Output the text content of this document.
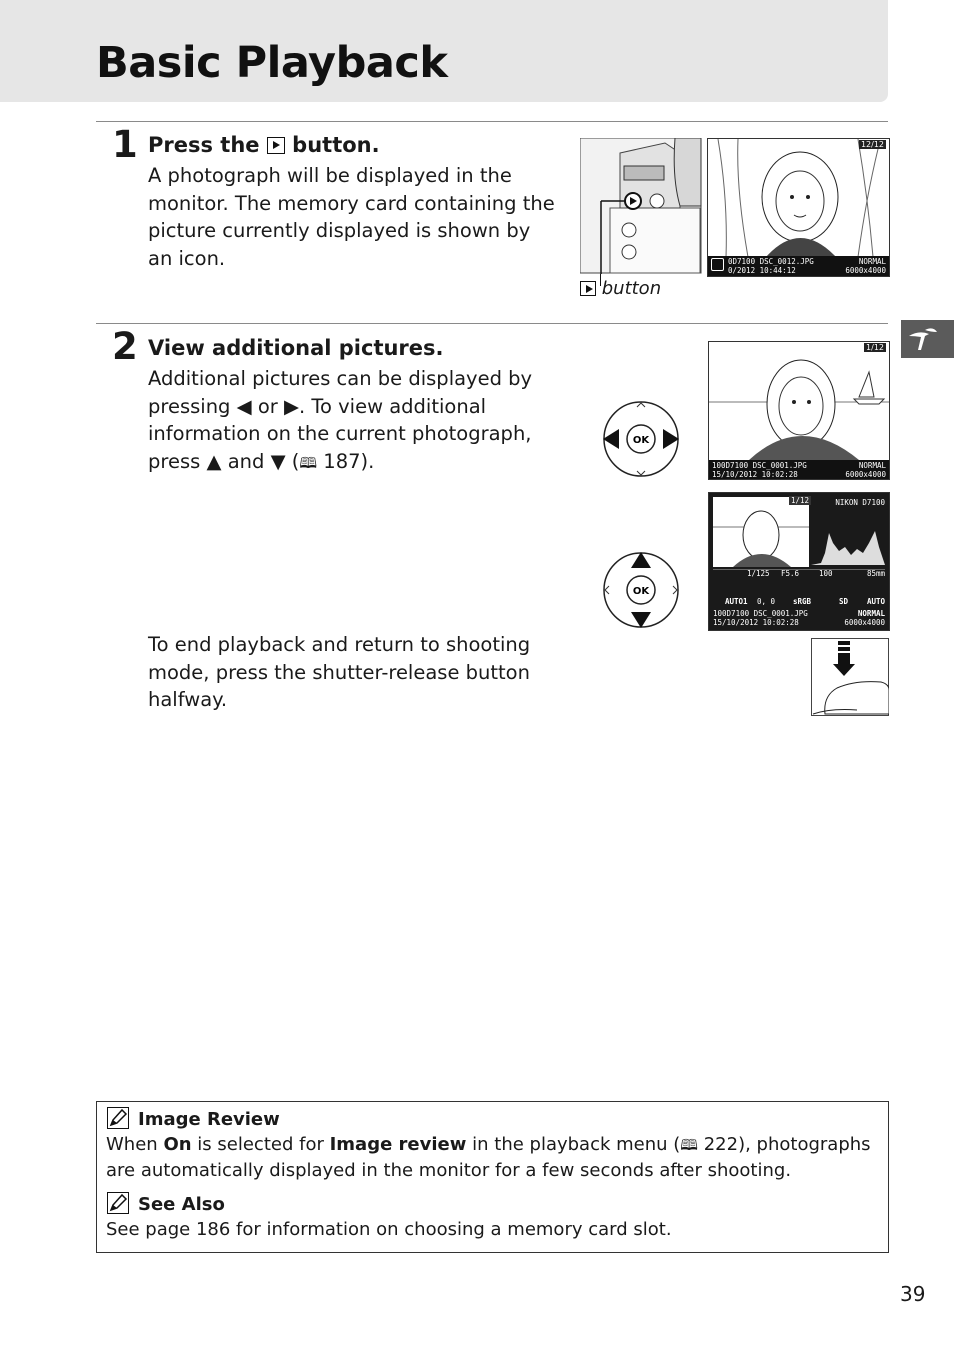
Basic Playback
1 Press the button.
A photograph will be displayed in the monitor. The memory card containing the picture currently displayed is shown by an icon.
button
12/12
0D7100 DSC_0012.JPG	NORMAL
0/2012 10:44:12	6000x4000
2 View additional pictures.
Additional pictures can be displayed by pressing ◀ or ▶. To view additional information on the current photograph, press ▲ and ▼ (🕮 187).
OK
1/12
100D7100 DSC_0001.JPG	NORMAL
15/10/2012 10:02:28	6000x4000
OK
1/12	NIKON D7100
1/125 F5.6	100	85mm
AUTO1 0, 0 sRGB	SD	AUTO
100D7100 DSC_0001.JPG	NORMAL
15/10/2012 10:02:28	6000x4000
To end playback and return to shooting mode, press the shutter-release button halfway.
Image Review
When On is selected for Image review in the playback menu (🕮 222), photographs are automatically displayed in the monitor for a few seconds after shooting.
See Also
See page 186 for information on choosing a memory card slot.
39
